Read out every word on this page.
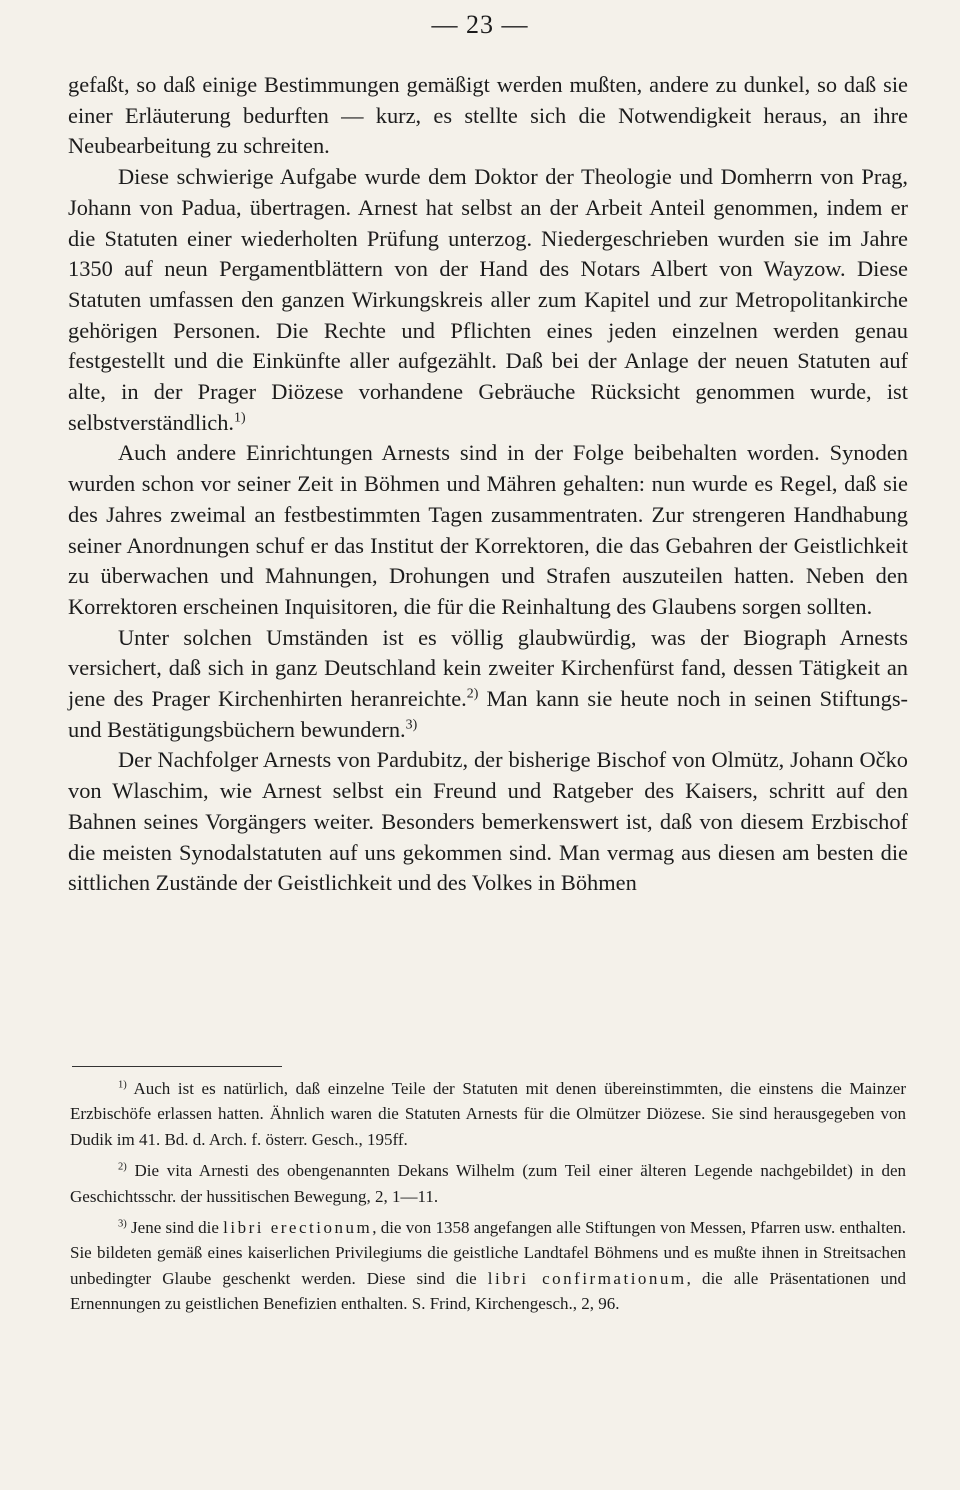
— 23 —

gefaßt, so daß einige Bestimmungen gemäßigt werden mußten, andere zu dunkel, so daß sie einer Erläuterung bedurften — kurz, es stellte sich die Notwendigkeit heraus, an ihre Neubearbeitung zu schreiten.

Diese schwierige Aufgabe wurde dem Doktor der Theologie und Domherrn von Prag, Johann von Padua, übertragen. Arnest hat selbst an der Arbeit Anteil genommen, indem er die Statuten einer wiederholten Prüfung unterzog. Niedergeschrieben wurden sie im Jahre 1350 auf neun Pergamentblättern von der Hand des Notars Albert von Wayzow. Diese Statuten umfassen den ganzen Wirkungskreis aller zum Kapitel und zur Metropolitankirche gehörigen Personen. Die Rechte und Pflichten eines jeden einzelnen werden genau festgestellt und die Einkünfte aller aufgezählt. Daß bei der Anlage der neuen Statuten auf alte, in der Prager Diözese vorhandene Gebräuche Rücksicht genommen wurde, ist selbstverständlich.$^{1)}$

Auch andere Einrichtungen Arnests sind in der Folge beibehalten worden. Synoden wurden schon vor seiner Zeit in Böhmen und Mähren gehalten: nun wurde es Regel, daß sie des Jahres zweimal an festbestimmten Tagen zusammentraten. Zur strengeren Handhabung seiner Anordnungen schuf er das Institut der Korrektoren, die das Gebahren der Geistlichkeit zu überwachen und Mahnungen, Drohungen und Strafen auszuteilen hatten. Neben den Korrektoren erscheinen Inquisitoren, die für die Reinhaltung des Glaubens sorgen sollten.

Unter solchen Umständen ist es völlig glaubwürdig, was der Biograph Arnests versichert, daß sich in ganz Deutschland kein zweiter Kirchenfürst fand, dessen Tätigkeit an jene des Prager Kirchenhirten heranreichte.$^{2)}$ Man kann sie heute noch in seinen Stiftungs- und Bestätigungsbüchern bewundern.$^{3)}$

Der Nachfolger Arnests von Pardubitz, der bisherige Bischof von Olmütz, Johann Očko von Wlaschim, wie Arnest selbst ein Freund und Ratgeber des Kaisers, schritt auf den Bahnen seines Vorgängers weiter. Besonders bemerkenswert ist, daß von diesem Erzbischof die meisten Synodalstatuten auf uns gekommen sind. Man vermag aus diesen am besten die sittlichen Zustände der Geistlichkeit und des Volkes in Böhmen

$^{1)}$ Auch ist es natürlich, daß einzelne Teile der Statuten mit denen übereinstimmten, die einstens die Mainzer Erzbischöfe erlassen hatten. Ähnlich waren die Statuten Arnests für die Olmützer Diözese. Sie sind herausgegeben von Dudik im 41. Bd. d. Arch. f. österr. Gesch., 195ff.

$^{2)}$ Die vita Arnesti des obengenannten Dekans Wilhelm (zum Teil einer älteren Legende nachgebildet) in den Geschichtsschr. der hussitischen Bewegung, 2, 1—11.

$^{3)}$ Jene sind die libri erectionum, die von 1358 angefangen alle Stiftungen von Messen, Pfarren usw. enthalten. Sie bildeten gemäß eines kaiserlichen Privilegiums die geistliche Landtafel Böhmens und es mußte ihnen in Streitsachen unbedingter Glaube geschenkt werden. Diese sind die libri confirmationum, die alle Präsentationen und Ernennungen zu geistlichen Benefizien enthalten. S. Frind, Kirchengesch., 2, 96.
